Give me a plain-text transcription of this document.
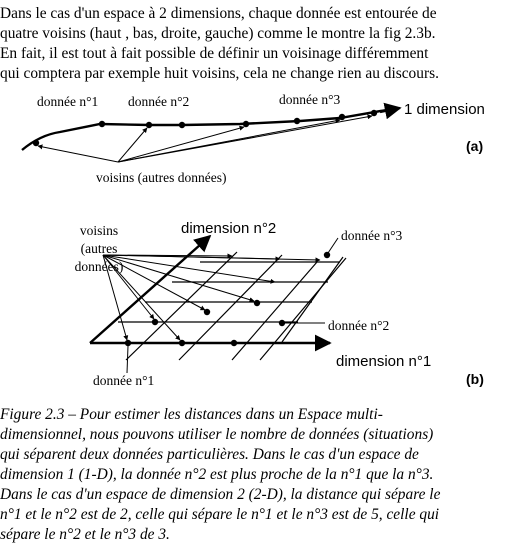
Dans le cas d'un espace à 2 dimensions, chaque donnée est entourée de
quatre voisins (haut , bas, droite, gauche) comme le montre la fig 2.3b.
En fait, il est tout à fait possible de définir un voisinage différemment
qui comptera par exemple huit voisins, cela ne change rien au discours.
donnée n°1 donnée n°2	donnée n°3
1 dimension
(a)
voisins (autres données)
voisins
(autres
données)
dimension n°2	donnée n°3
donnée n°2
dimension n°1
donnée n°1	(b)
Figure 2.3 – Pour estimer les distances dans un Espace multi-
dimensionnel, nous pouvons utiliser le nombre de données (situations)
qui séparent deux données particulières. Dans le cas d'un espace de
dimension 1 (1-D), la donnée n°2 est plus proche de la n°1 que la n°3.
Dans le cas d'un espace de dimension 2 (2-D), la distance qui sépare le
n°1 et le n°2 est de 2, celle qui sépare le n°1 et le n°3 est de 5, celle qui
sépare le n°2 et le n°3 de 3.
